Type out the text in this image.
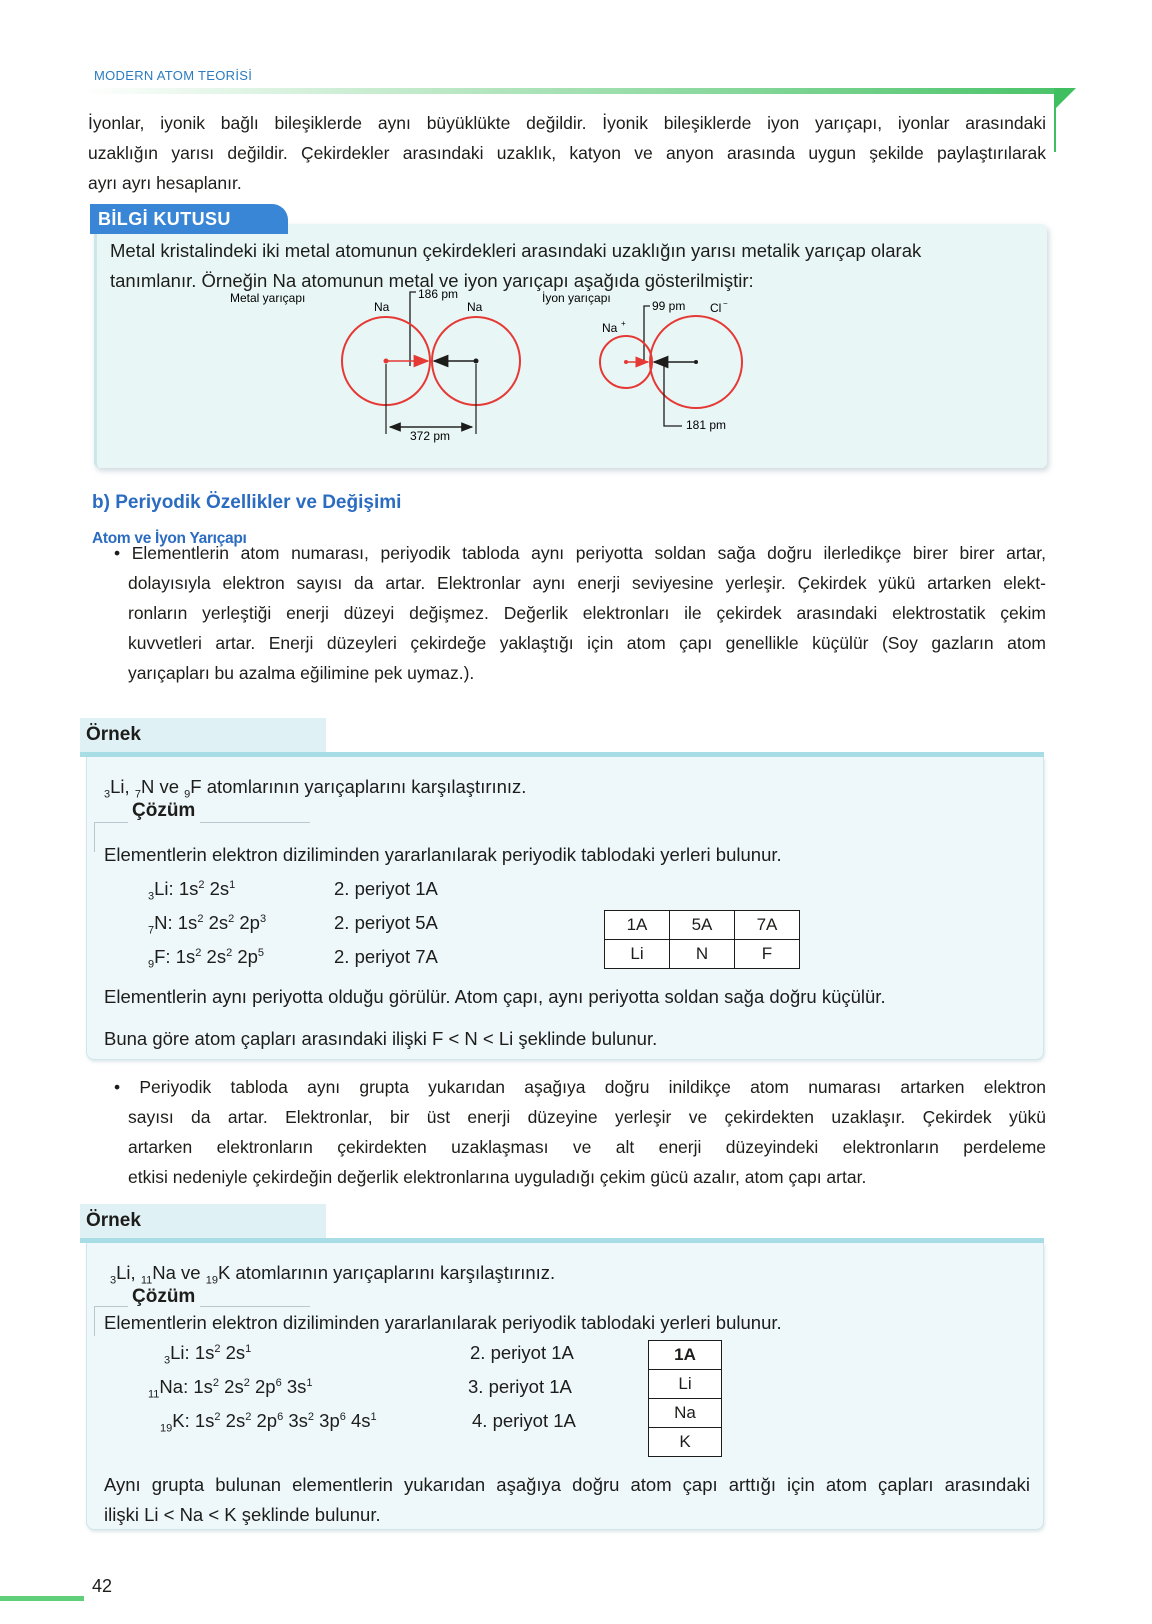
MODERN ATOM TEORİSİ

İyonlar, iyonik bağlı bileşiklerde aynı büyüklükte değildir. İyonik bileşiklerde iyon yarıçapı, iyonlar arasındaki

uzaklığın yarısı değildir. Çekirdekler arasındaki uzaklık, katyon ve anyon arasında uygun şekilde paylaştırılarak

ayrı ayrı hesaplanır.

BİLGİ KUTUSU
Metal kristalindeki iki metal atomunun çekirdekleri arasındaki uzaklığın yarısı metalik yarıçap olarak
tanımlanır. Örneğin Na atomunun metal ve iyon yarıçapı aşağıda gösterilmiştir:
Metal yarıçapı
Na	Na
186 pm
372 pm
İyon yarıçapı
Na +
Cl −
99 pm
181 pm
b) Periyodik Özellikler ve Değişimi
Atom ve İyon Yarıçapı

• Elementlerin atom numarası, periyodik tabloda aynı periyotta soldan sağa doğru ilerledikçe birer birer artar,

dolayısıyla elektron sayısı da artar. Elektronlar aynı enerji seviyesine yerleşir. Çekirdek yükü artarken elekt-

ronların yerleştiği enerji düzeyi değişmez. Değerlik elektronları ile çekirdek arasındaki elektrostatik çekim

kuvvetleri artar. Enerji düzeyleri çekirdeğe yaklaştığı için atom çapı genellikle küçülür (Soy gazların atom

yarıçapları bu azalma eğilimine pek uymaz.).

Örnek
$_3$Li, $_7$N ve $_9$F atomlarının yarıçaplarını karşılaştırınız.
Çözüm
Elementlerin elektron diziliminden yararlanılarak periyodik tablodaki yerleri bulunur.
$_3$Li: $1s^2$ $2s^1$	2. periyot 1A
$_7$N: $1s^2$ $2s^2$ $2p^3$	2. periyot 5A
$_9$F: $1s^2$ $2s^2$ $2p^5$	2. periyot 7A
1A	5A	7A
Li	N	F
Elementlerin aynı periyotta olduğu görülür. Atom çapı, aynı periyotta soldan sağa doğru küçülür.
Buna göre atom çapları arasındaki ilişki F < N < Li şeklinde bulunur.

• Periyodik tabloda aynı grupta yukarıdan aşağıya doğru inildikçe atom numarası artarken elektron

sayısı da artar. Elektronlar, bir üst enerji düzeyine yerleşir ve çekirdekten uzaklaşır. Çekirdek yükü

artarken elektronların çekirdekten uzaklaşması ve alt enerji düzeyindeki elektronların perdeleme

etkisi nedeniyle çekirdeğin değerlik elektronlarına uyguladığı çekim gücü azalır, atom çapı artar.

Örnek
$_3$Li, $_{11}$Na ve $_{19}$K atomlarının yarıçaplarını karşılaştırınız.
Çözüm
Elementlerin elektron diziliminden yararlanılarak periyodik tablodaki yerleri bulunur.
$_3$Li: $1s^2$ $2s^1$	2. periyot 1A
$_{11}$Na: $1s^2$ $2s^2$ $2p^6$ $3s^1$	3. periyot 1A
$_{19}$K: $1s^2$ $2s^2$ $2p^6$ $3s^2$ $3p^6$ $4s^1$	4. periyot 1A
1A
Li
Na
K
Aynı grupta bulunan elementlerin yukarıdan aşağıya doğru atom çapı arttığı için atom çapları arasındaki
ilişki Li < Na < K şeklinde bulunur.
42
